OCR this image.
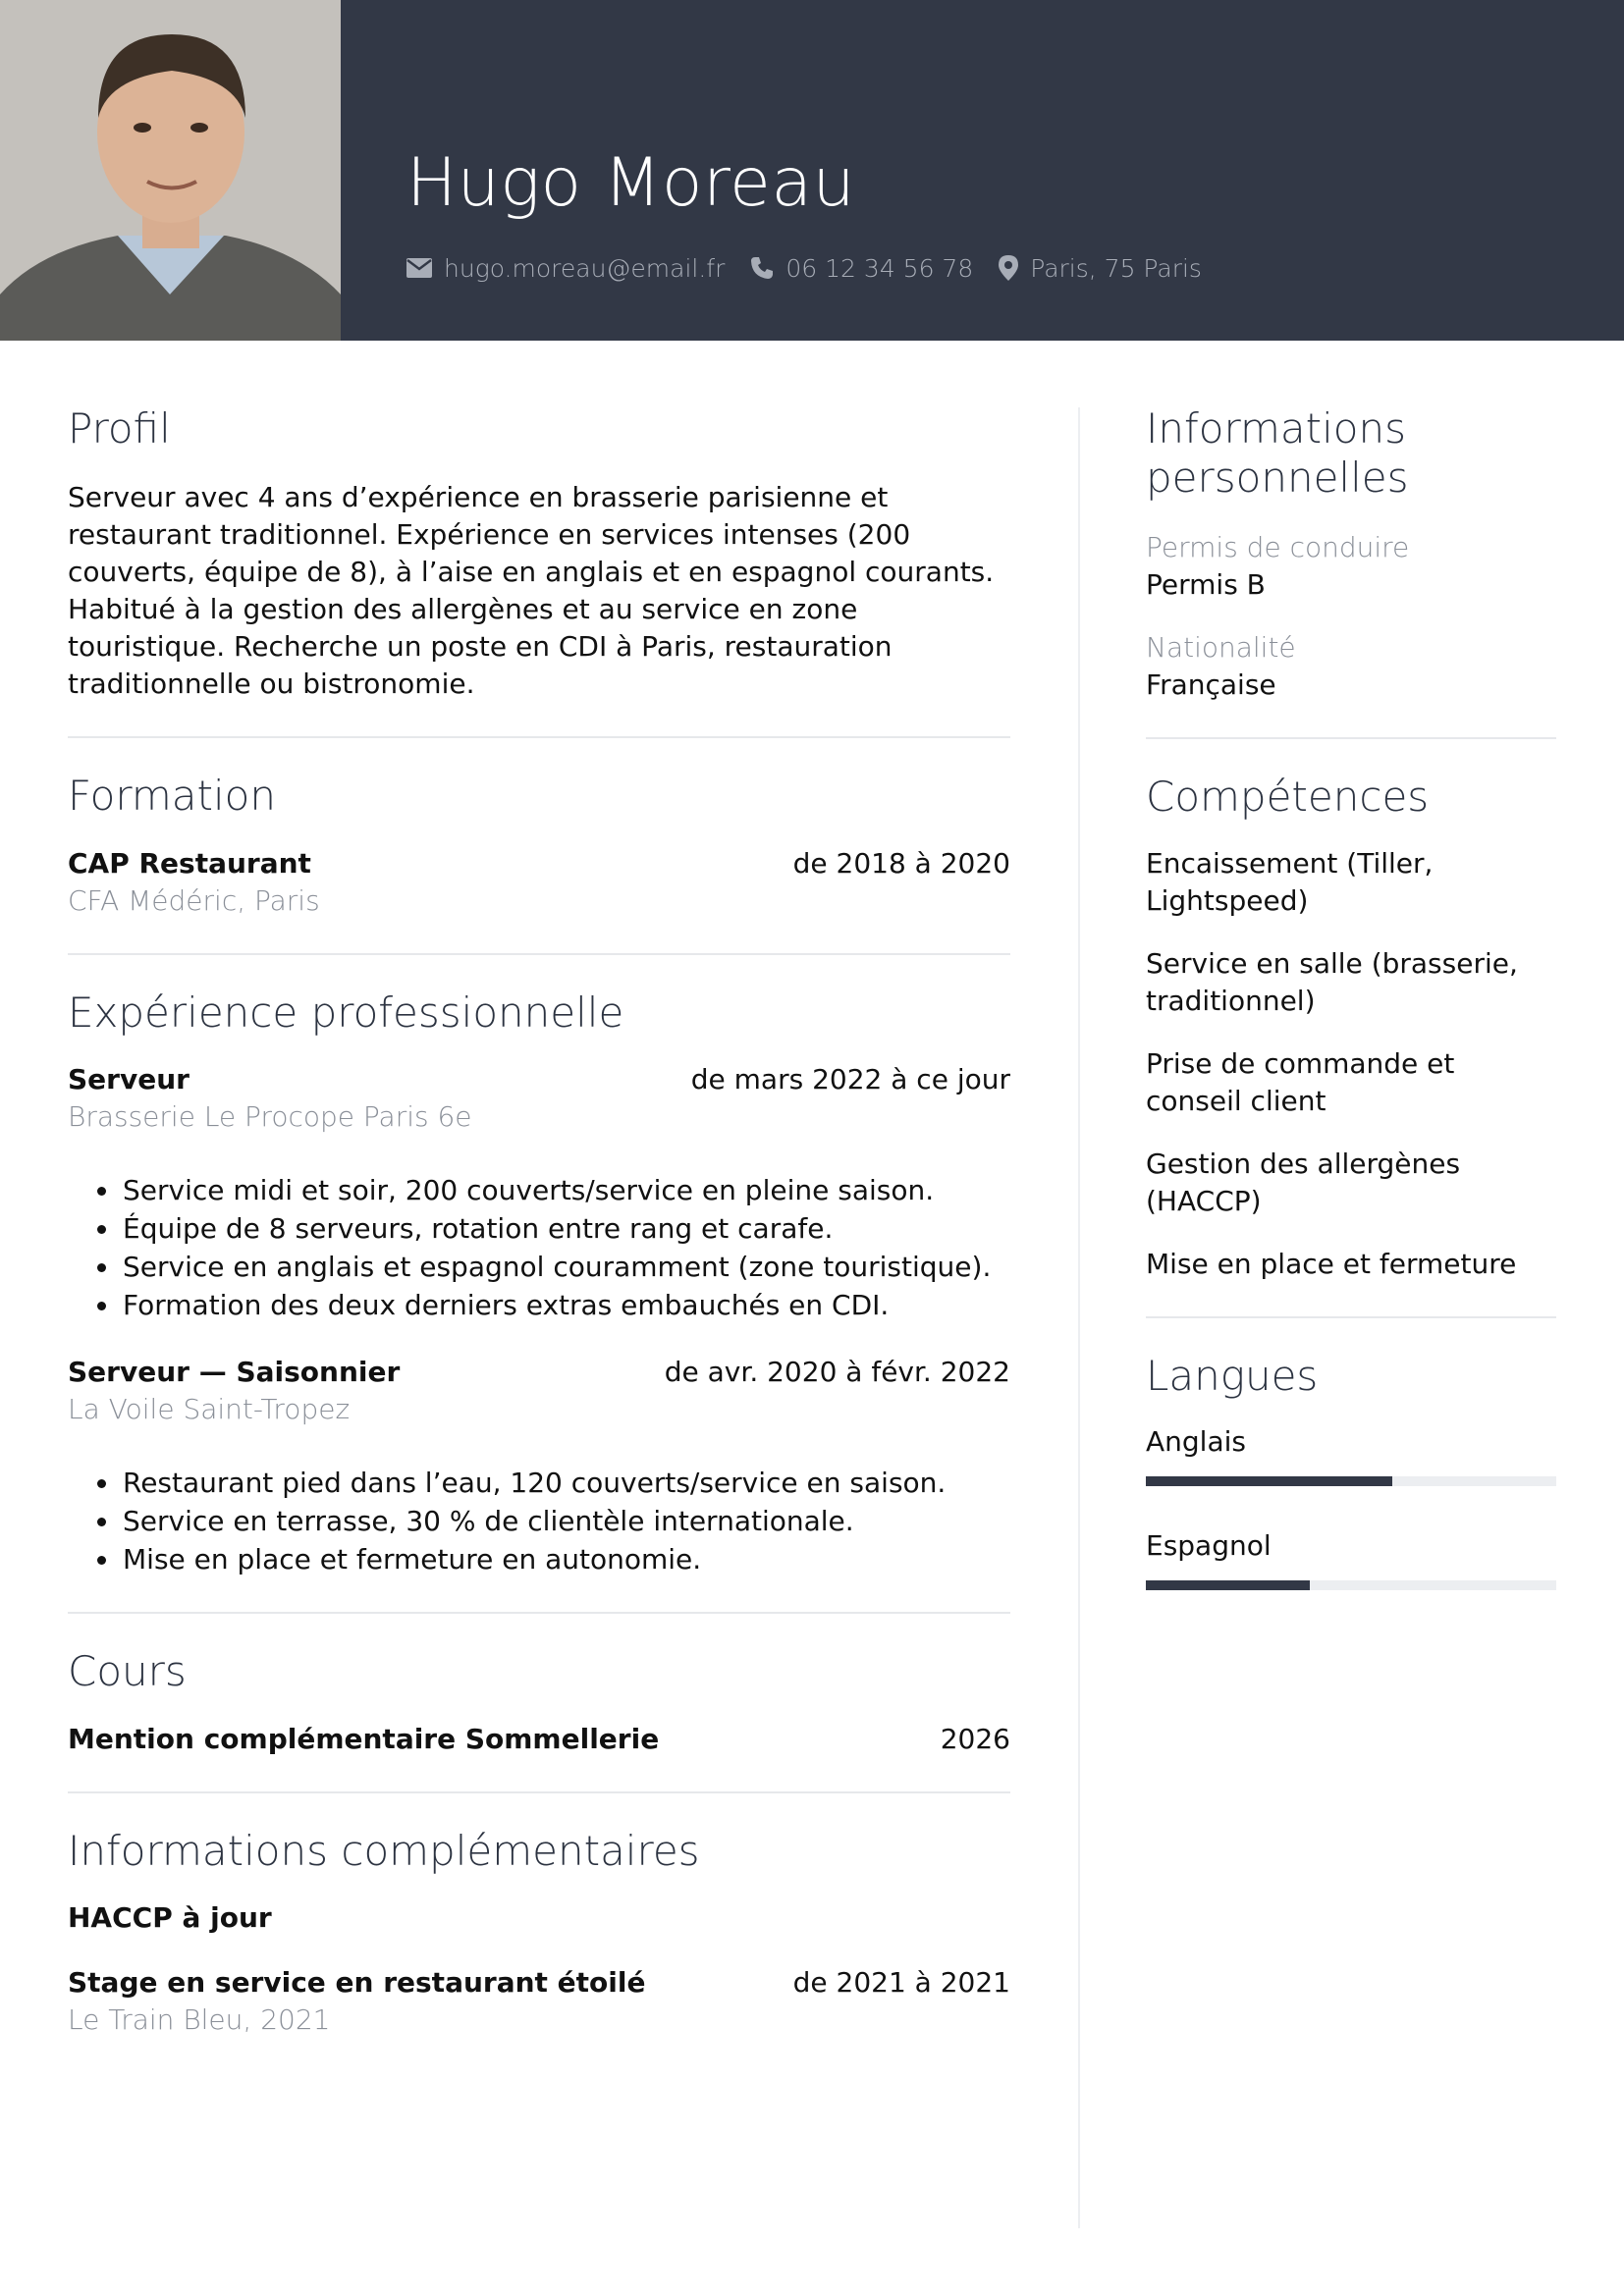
Hugo Moreau
hugo.moreau@email.fr 06 12 34 56 78 Paris, 75 Paris
Profil

Serveur avec 4 ans d’expérience en brasserie parisienne et restaurant traditionnel. Expérience en services intenses (200 couverts, équipe de 8), à l’aise en anglais et en espagnol courants. Habitué à la gestion des allergènes et au service en zone touristique. Recherche un poste en CDI à Paris, restauration traditionnelle ou bistronomie.

Formation
CAP Restaurant	de 2018 à 2020
CFA Médéric, Paris
Expérience professionnelle
Serveur	de mars 2022 à ce jour
Brasserie Le Procope Paris 6e
• Service midi et soir, 200 couverts/service en pleine saison.
• Équipe de 8 serveurs, rotation entre rang et carafe.
• Service en anglais et espagnol couramment (zone touristique).
• Formation des deux derniers extras embauchés en CDI.
Serveur — Saisonnier	de avr. 2020 à févr. 2022
La Voile Saint-Tropez
• Restaurant pied dans l’eau, 120 couverts/service en saison.
• Service en terrasse, 30 % de clientèle internationale.
• Mise en place et fermeture en autonomie.
Cours
Mention complémentaire Sommellerie	2026
Informations complémentaires
HACCP à jour
Stage en service en restaurant étoilé	de 2021 à 2021
Le Train Bleu, 2021
Informations personnelles
Permis de conduire
Permis B
Nationalité
Française
Compétences
Encaissement (Tiller, Lightspeed)
Service en salle (brasserie, traditionnel)
Prise de commande et conseil client
Gestion des allergènes (HACCP)
Mise en place et fermeture
Langues
Anglais
Espagnol
